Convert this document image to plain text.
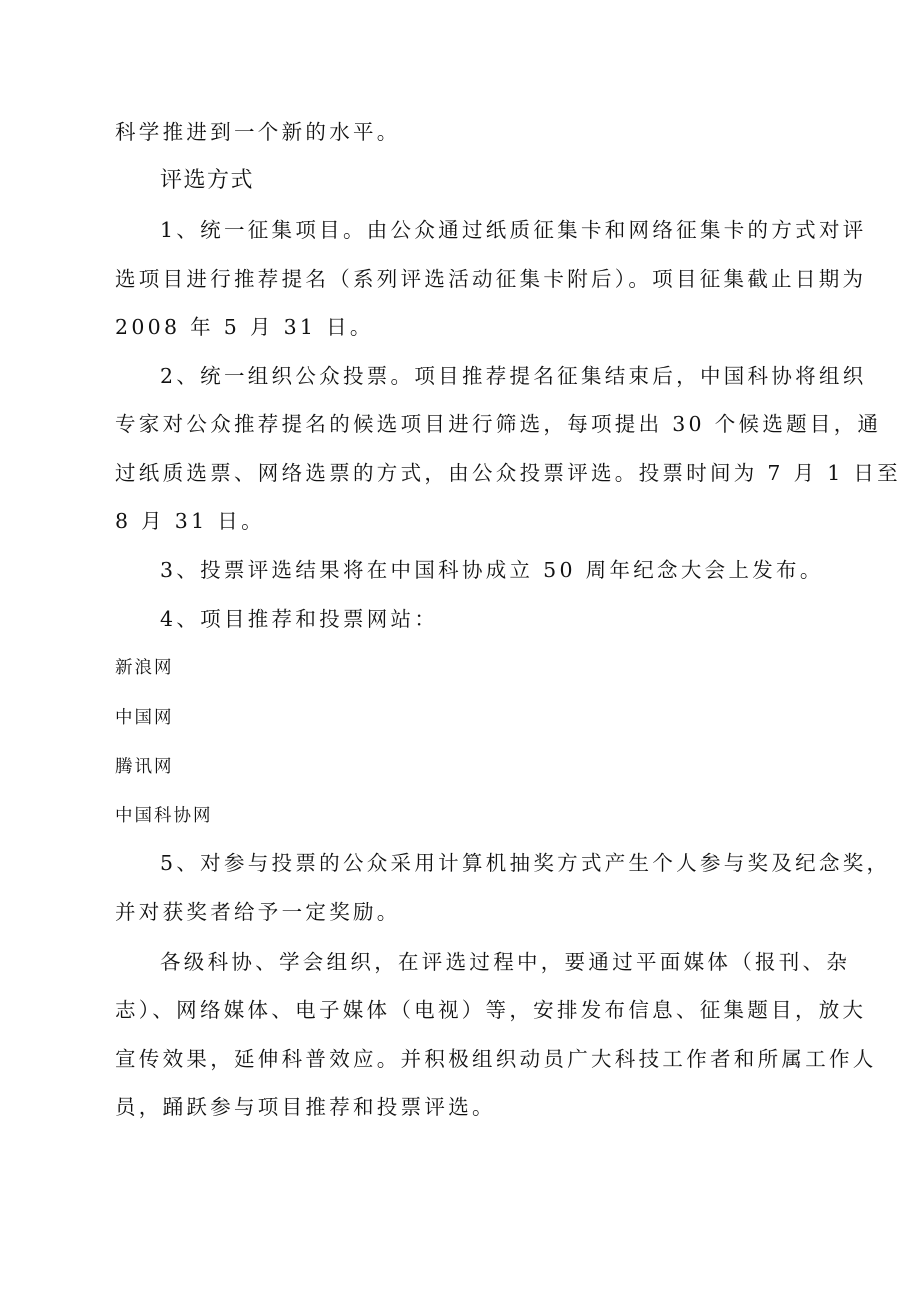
科学推进到一个新的水平。
评选方式
1、统一征集项目。由公众通过纸质征集卡和网络征集卡的方式对评
选项目进行推荐提名（系列评选活动征集卡附后）。项目征集截止日期为
2008 年 5 月 31 日。
2、统一组织公众投票。项目推荐提名征集结束后，中国科协将组织
专家对公众推荐提名的候选项目进行筛选，每项提出 30 个候选题目，通
过纸质选票、网络选票的方式，由公众投票评选。投票时间为 7 月 1 日至
8 月 31 日。
3、投票评选结果将在中国科协成立 50 周年纪念大会上发布。
4、项目推荐和投票网站：
新浪网
中国网
腾讯网
中国科协网
5、对参与投票的公众采用计算机抽奖方式产生个人参与奖及纪念奖，
并对获奖者给予一定奖励。
各级科协、学会组织，在评选过程中，要通过平面媒体（报刊、杂
志）、网络媒体、电子媒体（电视）等，安排发布信息、征集题目，放大
宣传效果，延伸科普效应。并积极组织动员广大科技工作者和所属工作人
员，踊跃参与项目推荐和投票评选。
